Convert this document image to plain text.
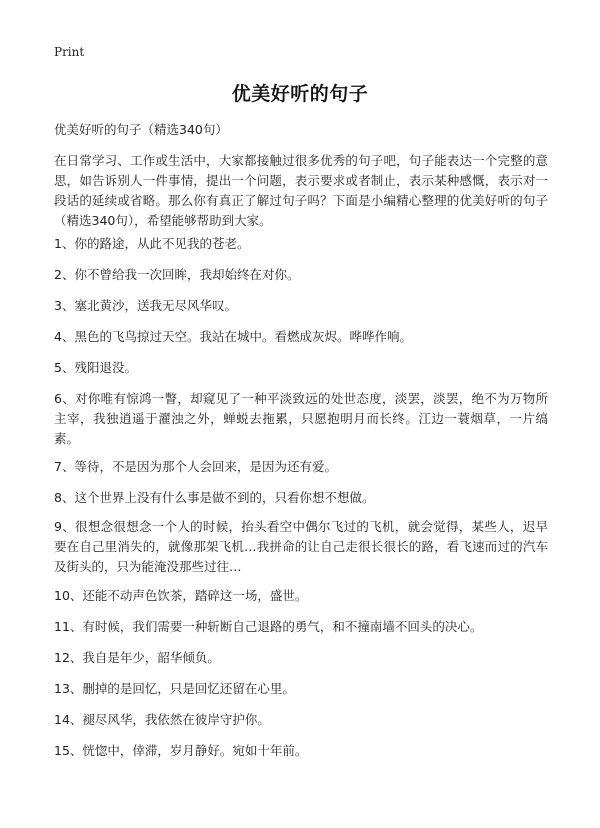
Print
优美好听的句子
优美好听的句子（精选340句）
在日常学习、工作或生活中，大家都接触过很多优秀的句子吧，句子能表达一个完整的意思，如告诉别人一件事情，提出一个问题，表示要求或者制止，表示某种感慨，表示对一段话的延续或省略。那么你有真正了解过句子吗？下面是小编精心整理的优美好听的句子（精选340句），希望能够帮助到大家。
1、你的路途，从此不见我的苍老。
2、你不曾给我一次回眸，我却始终在对你。
3、塞北黄沙，送我无尽风华叹。
4、黑色的飞鸟掠过天空。我站在城中。看燃成灰烬。哗哗作响。
5、残阳退没。
6、对你唯有惊鸿一瞥，却窥见了一种平淡致远的处世态度，淡罢，淡罢，绝不为万物所主宰，我独逍遥于濯浊之外，蝉蜕去拖累，只愿抱明月而长终。江边一蓑烟草，一片缟素。
7、等待，不是因为那个人会回来，是因为还有爱。
8、这个世界上没有什么事是做不到的，只看你想不想做。
9、很想念很想念一个人的时候，抬头看空中偶尔飞过的飞机，就会觉得，某些人，迟早要在自己里消失的，就像那架飞机…我拼命的让自己走很长很长的路，看飞速而过的汽车及街头的，只为能淹没那些过往…
10、还能不动声色饮茶，踏碎这一场，盛世。
11、有时候，我们需要一种斩断自己退路的勇气，和不撞南墙不回头的决心。
12、我自是年少，韶华倾负。
13、删掉的是回忆，只是回忆还留在心里。
14、褪尽风华，我依然在彼岸守护你。
15、恍惚中，倖滞，岁月静好。宛如十年前。
